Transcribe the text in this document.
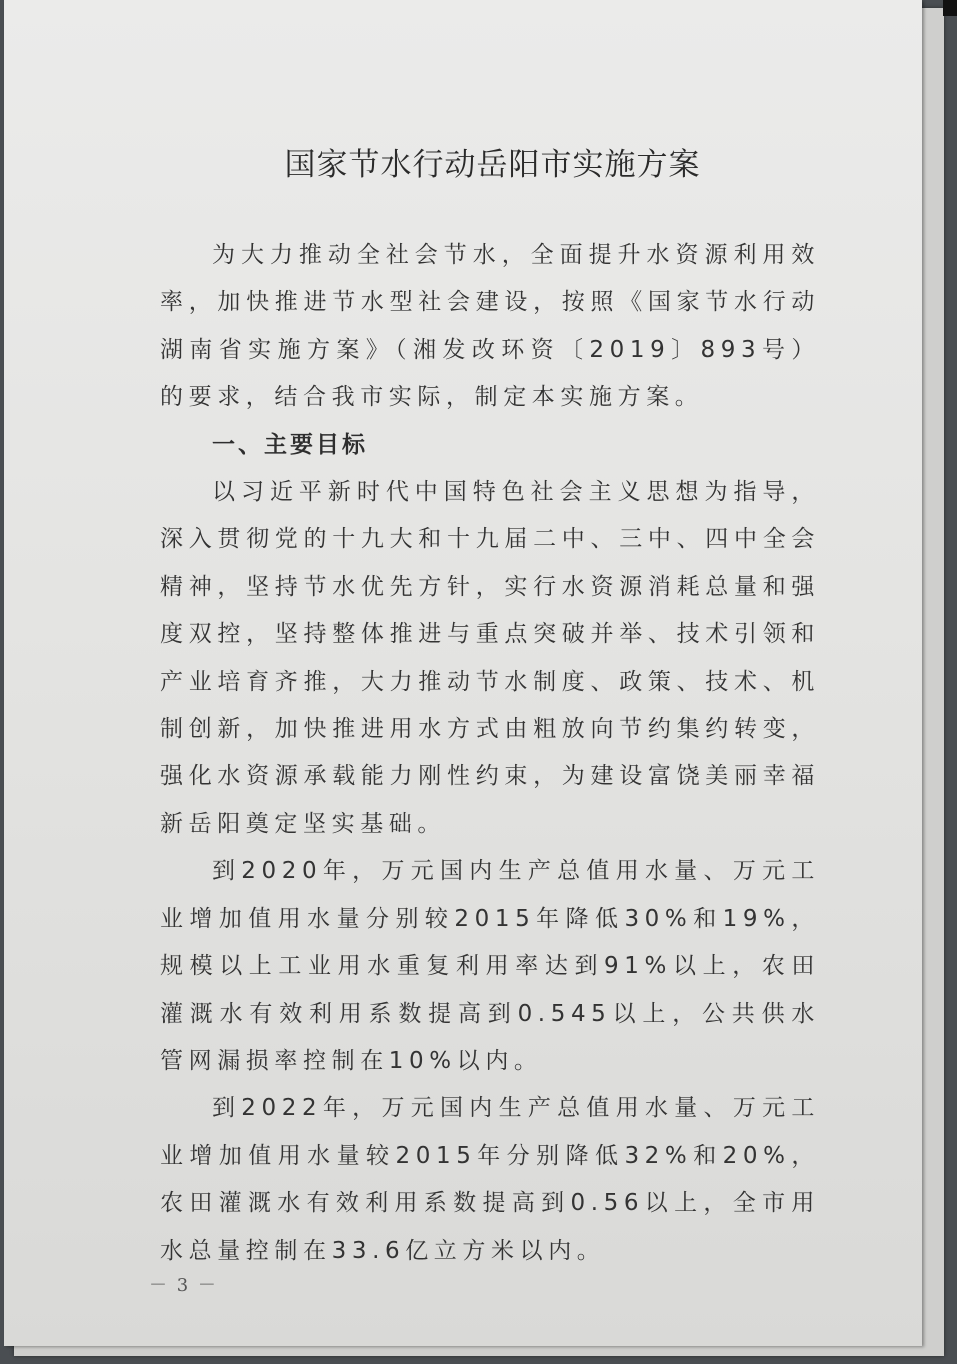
国家节水行动岳阳市实施方案

为大力推动全社会节水，全面提升水资源利用效率，加快推进节水型社会建设，按照《国家节水行动湖南省实施方案》（湘发改环资〔2019〕893号）的要求，结合我市实际，制定本实施方案。

一、主要目标

以习近平新时代中国特色社会主义思想为指导，深入贯彻党的十九大和十九届二中、三中、四中全会精神，坚持节水优先方针，实行水资源消耗总量和强度双控，坚持整体推进与重点突破并举、技术引领和产业培育齐推，大力推动节水制度、政策、技术、机制创新，加快推进用水方式由粗放向节约集约转变，强化水资源承载能力刚性约束，为建设富饶美丽幸福新岳阳奠定坚实基础。

到2020年，万元国内生产总值用水量、万元工业增加值用水量分别较2015年降低30%和19%，规模以上工业用水重复利用率达到91%以上，农田灌溉水有效利用系数提高到0.545以上，公共供水管网漏损率控制在10%以内。

到2022年，万元国内生产总值用水量、万元工业增加值用水量较2015年分别降低32%和20%，农田灌溉水有效利用系数提高到0.56以上，全市用水总量控制在33.6亿立方米以内。

－ 3 －
